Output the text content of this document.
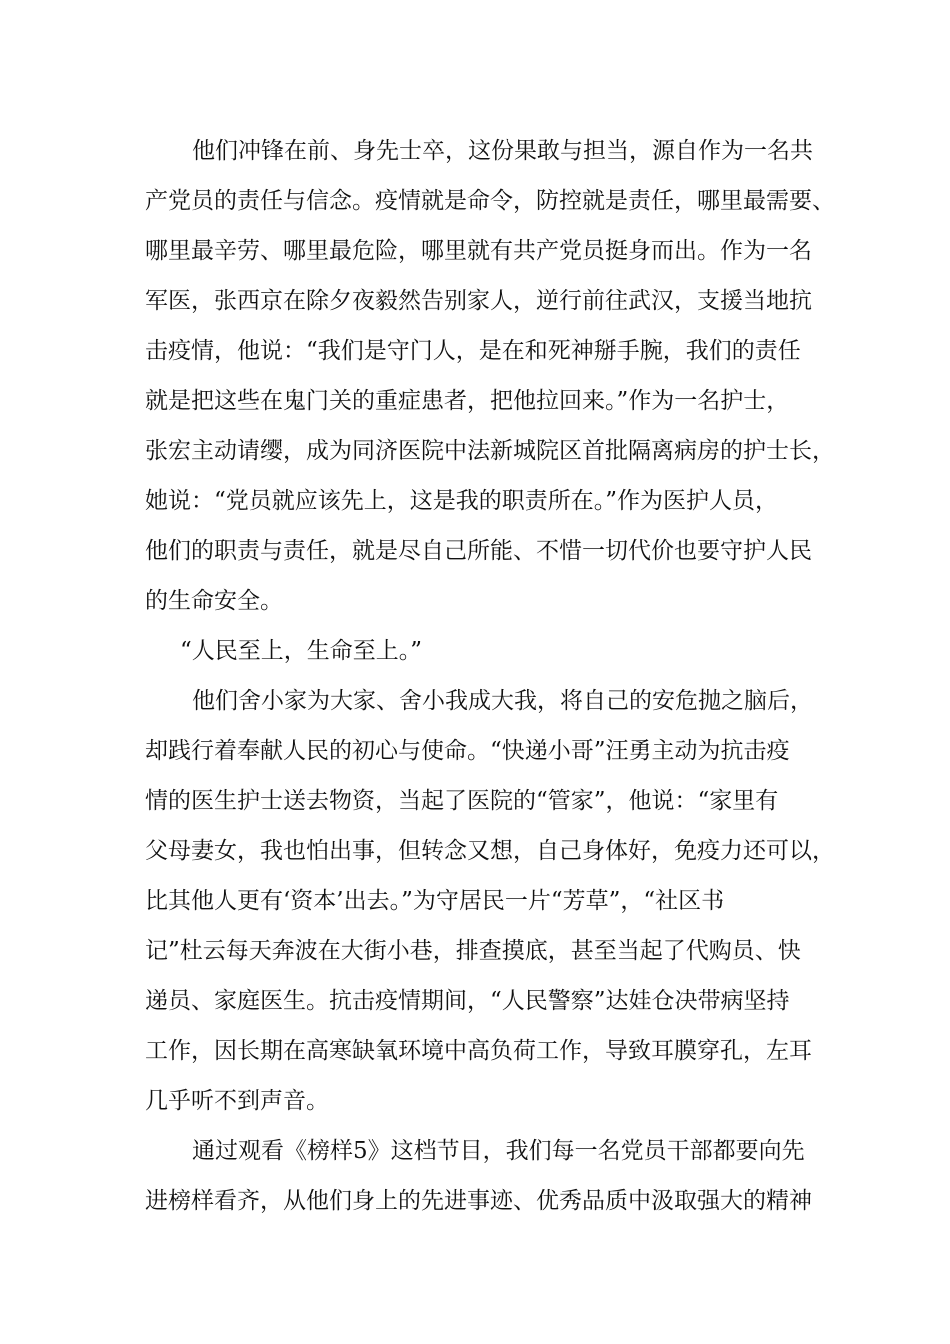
他们冲锋在前、身先士卒，这份果敢与担当，源自作为一名共
产党员的责任与信念。疫情就是命令，防控就是责任，哪里最需要、
哪里最辛劳、哪里最危险，哪里就有共产党员挺身而出。作为一名
军医，张西京在除夕夜毅然告别家人，逆行前往武汉，支援当地抗
击疫情，他说：“我们是守门人，是在和死神掰手腕，我们的责任
就是把这些在鬼门关的重症患者，把他拉回来。”作为一名护士，
张宏主动请缨，成为同济医院中法新城院区首批隔离病房的护士长，
她说：“党员就应该先上，这是我的职责所在。”作为医护人员，
他们的职责与责任，就是尽自己所能、不惜一切代价也要守护人民
的生命安全。
“人民至上，生命至上。”
他们舍小家为大家、舍小我成大我，将自己的安危抛之脑后，
却践行着奉献人民的初心与使命。“快递小哥”汪勇主动为抗击疫
情的医生护士送去物资，当起了医院的“管家”，他说：“家里有
父母妻女，我也怕出事，但转念又想，自己身体好，免疫力还可以，
比其他人更有‘资本’出去。”为守居民一片“芳草”，“社区书
记”杜云每天奔波在大街小巷，排查摸底，甚至当起了代购员、快
递员、家庭医生。抗击疫情期间，“人民警察”达娃仓决带病坚持
工作，因长期在高寒缺氧环境中高负荷工作，导致耳膜穿孔，左耳
几乎听不到声音。
通过观看《榜样5》这档节目，我们每一名党员干部都要向先
进榜样看齐，从他们身上的先进事迹、优秀品质中汲取强大的精神
